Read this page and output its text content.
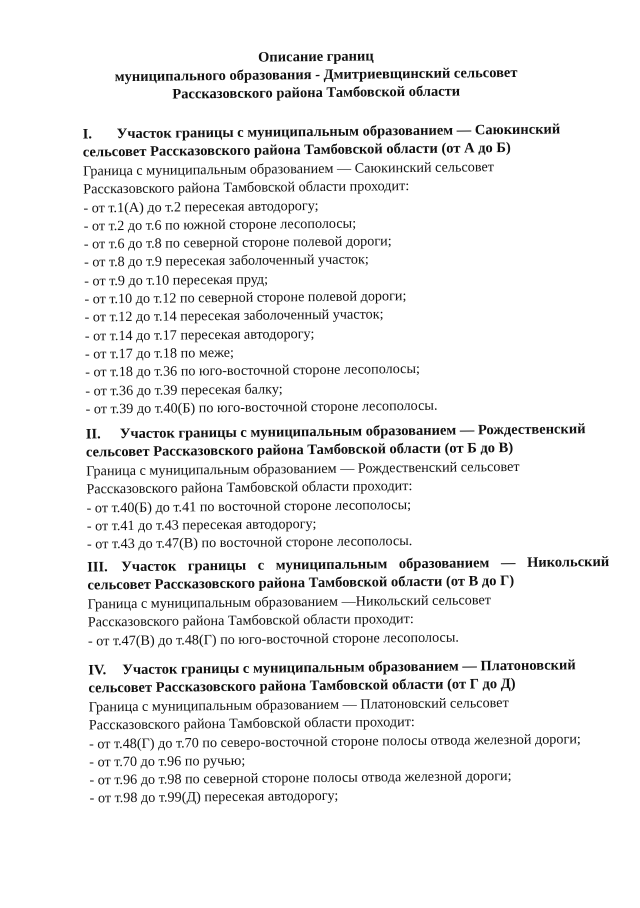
Описание границ
муниципального образования - Дмитриевщинский сельсовет
Рассказовского района Тамбовской области
I. Участок границы с муниципальным образованием — Саюкинский сельсовет Рассказовского района Тамбовской области (от А до Б)
Граница с муниципальным образованием — Саюкинский сельсовет
Рассказовского района Тамбовской области проходит:
- от т.1(А) до т.2 пересекая автодорогу;
- от т.2 до т.6 по южной стороне лесополосы;
- от т.6 до т.8 по северной стороне полевой дороги;
- от т.8 до т.9 пересекая заболоченный участок;
- от т.9 до т.10 пересекая пруд;
- от т.10 до т.12 по северной стороне полевой дороги;
- от т.12 до т.14 пересекая заболоченный участок;
- от т.14 до т.17 пересекая автодорогу;
- от т.17 до т.18 по меже;
- от т.18 до т.36 по юго-восточной стороне лесополосы;
- от т.36 до т.39 пересекая балку;
- от т.39 до т.40(Б) по юго-восточной стороне лесополосы.
II. Участок границы с муниципальным образованием — Рождественский сельсовет Рассказовского района Тамбовской области (от Б до В)
Граница с муниципальным образованием — Рождественский сельсовет
Рассказовского района Тамбовской области проходит:
- от т.40(Б) до т.41 по восточной стороне лесополосы;
- от т.41 до т.43 пересекая автодорогу;
- от т.43 до т.47(В) по восточной стороне лесополосы.
III. Участок границы с муниципальным образованием — Никольский сельсовет Рассказовского района Тамбовской области (от В до Г)
Граница с муниципальным образованием —Никольский сельсовет
Рассказовского района Тамбовской области проходит:
- от т.47(В) до т.48(Г) по юго-восточной стороне лесополосы.
IV. Участок границы с муниципальным образованием — Платоновский сельсовет Рассказовского района Тамбовской области (от Г до Д)
Граница с муниципальным образованием — Платоновский сельсовет
Рассказовского района Тамбовской области проходит:
- от т.48(Г) до т.70 по северо-восточной стороне полосы отвода железной дороги;
- от т.70 до т.96 по ручью;
- от т.96 до т.98 по северной стороне полосы отвода железной дороги;
- от т.98 до т.99(Д) пересекая автодорогу;
